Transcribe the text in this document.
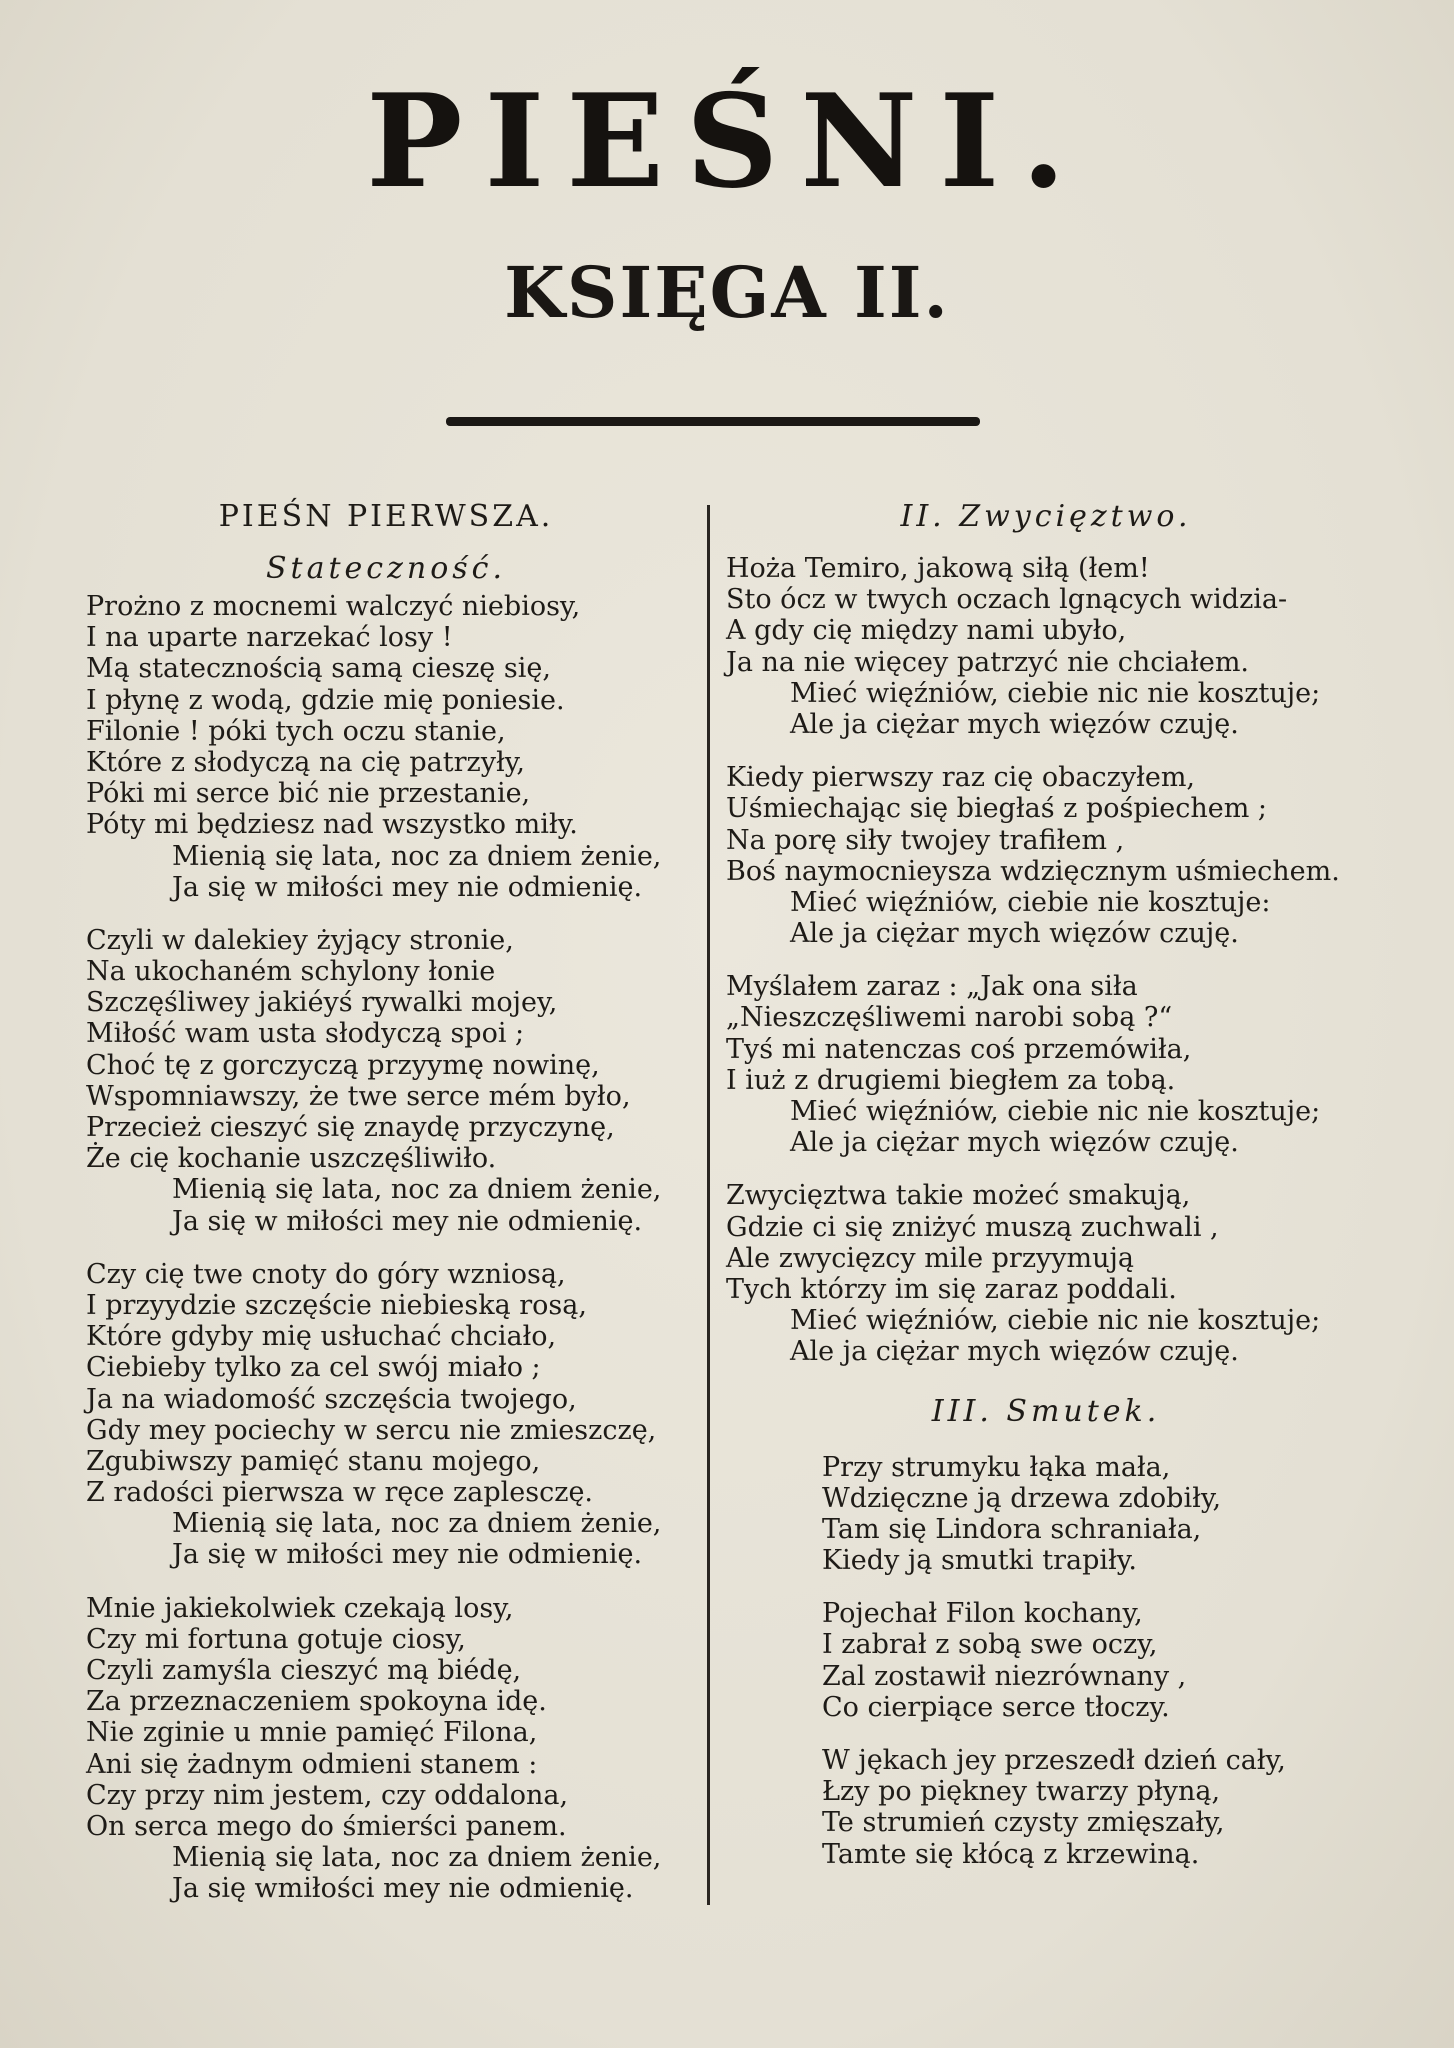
PIEŚNI.
KSIĘGA II.
PIEŚN PIERWSZA.
Stateczność.
Prożno z mocnemi walczyć niebiosy,
I na uparte narzekać losy !
Mą statecznością samą cieszę się,
I płynę z wodą, gdzie mię poniesie.
Filonie ! póki tych oczu stanie,
Które z słodyczą na cię patrzyły,
Póki mi serce bić nie przestanie,
Póty mi będziesz nad wszystko miły.
Mienią się lata, noc za dniem żenie,
Ja się w miłości mey nie odmienię.
Czyli w dalekiey żyjący stronie,
Na ukochaném schylony łonie
Szczęśliwey jakiéyś rywalki mojey,
Miłość wam usta słodyczą spoi ;
Choć tę z gorczyczą przyymę nowinę,
Wspomniawszy, że twe serce mém było,
Przecież cieszyć się znaydę przyczynę,
Że cię kochanie uszczęśliwiło.
Mienią się lata, noc za dniem żenie,
Ja się w miłości mey nie odmienię.
Czy cię twe cnoty do góry wzniosą,
I przyydzie szczęście niebieską rosą,
Które gdyby mię usłuchać chciało,
Ciebieby tylko za cel swój miało ;
Ja na wiadomość szczęścia twojego,
Gdy mey pociechy w sercu nie zmieszczę,
Zgubiwszy pamięć stanu mojego,
Z radości pierwsza w ręce zaplesczę.
Mienią się lata, noc za dniem żenie,
Ja się w miłości mey nie odmienię.
Mnie jakiekolwiek czekają losy,
Czy mi fortuna gotuje ciosy,
Czyli zamyśla cieszyć mą biédę,
Za przeznaczeniem spokoyna idę.
Nie zginie u mnie pamięć Filona,
Ani się żadnym odmieni stanem :
Czy przy nim jestem, czy oddalona,
On serca mego do śmierści panem.
Mienią się lata, noc za dniem żenie,
Ja się wmiłości mey nie odmienię.
II. Zwycięztwo.
Hoża Temiro, jakową siłą (łem!
Sto ócz w twych oczach lgnących widzia-
A gdy cię między nami ubyło,
Ja na nie więcey patrzyć nie chciałem.
Mieć więźniów, ciebie nic nie kosztuje;
Ale ja ciężar mych więzów czuję.
Kiedy pierwszy raz cię obaczyłem,
Uśmiechając się biegłaś z pośpiechem ;
Na porę siły twojey trafiłem ,
Boś naymocnieysza wdzięcznym uśmiechem.
Mieć więźniów, ciebie nie kosztuje:
Ale ja ciężar mych więzów czuję.
Myślałem zaraz : „Jak ona siła
„Nieszczęśliwemi narobi sobą ?“
Tyś mi natenczas coś przemówiła,
I iuż z drugiemi biegłem za tobą.
Mieć więźniów, ciebie nic nie kosztuje;
Ale ja ciężar mych więzów czuję.
Zwycięztwa takie możeć smakują,
Gdzie ci się zniżyć muszą zuchwali ,
Ale zwycięzcy mile przyymują
Tych którzy im się zaraz poddali.
Mieć więźniów, ciebie nic nie kosztuje;
Ale ja ciężar mych więzów czuję.
III. Smutek.
Przy strumyku łąka mała,
Wdzięczne ją drzewa zdobiły,
Tam się Lindora schraniała,
Kiedy ją smutki trapiły.
Pojechał Filon kochany,
I zabrał z sobą swe oczy,
Zal zostawił niezrównany ,
Co cierpiące serce tłoczy.
W jękach jey przeszedł dzień cały,
Łzy po piękney twarzy płyną,
Te strumień czysty zmięszały,
Tamte się kłócą z krzewiną.
